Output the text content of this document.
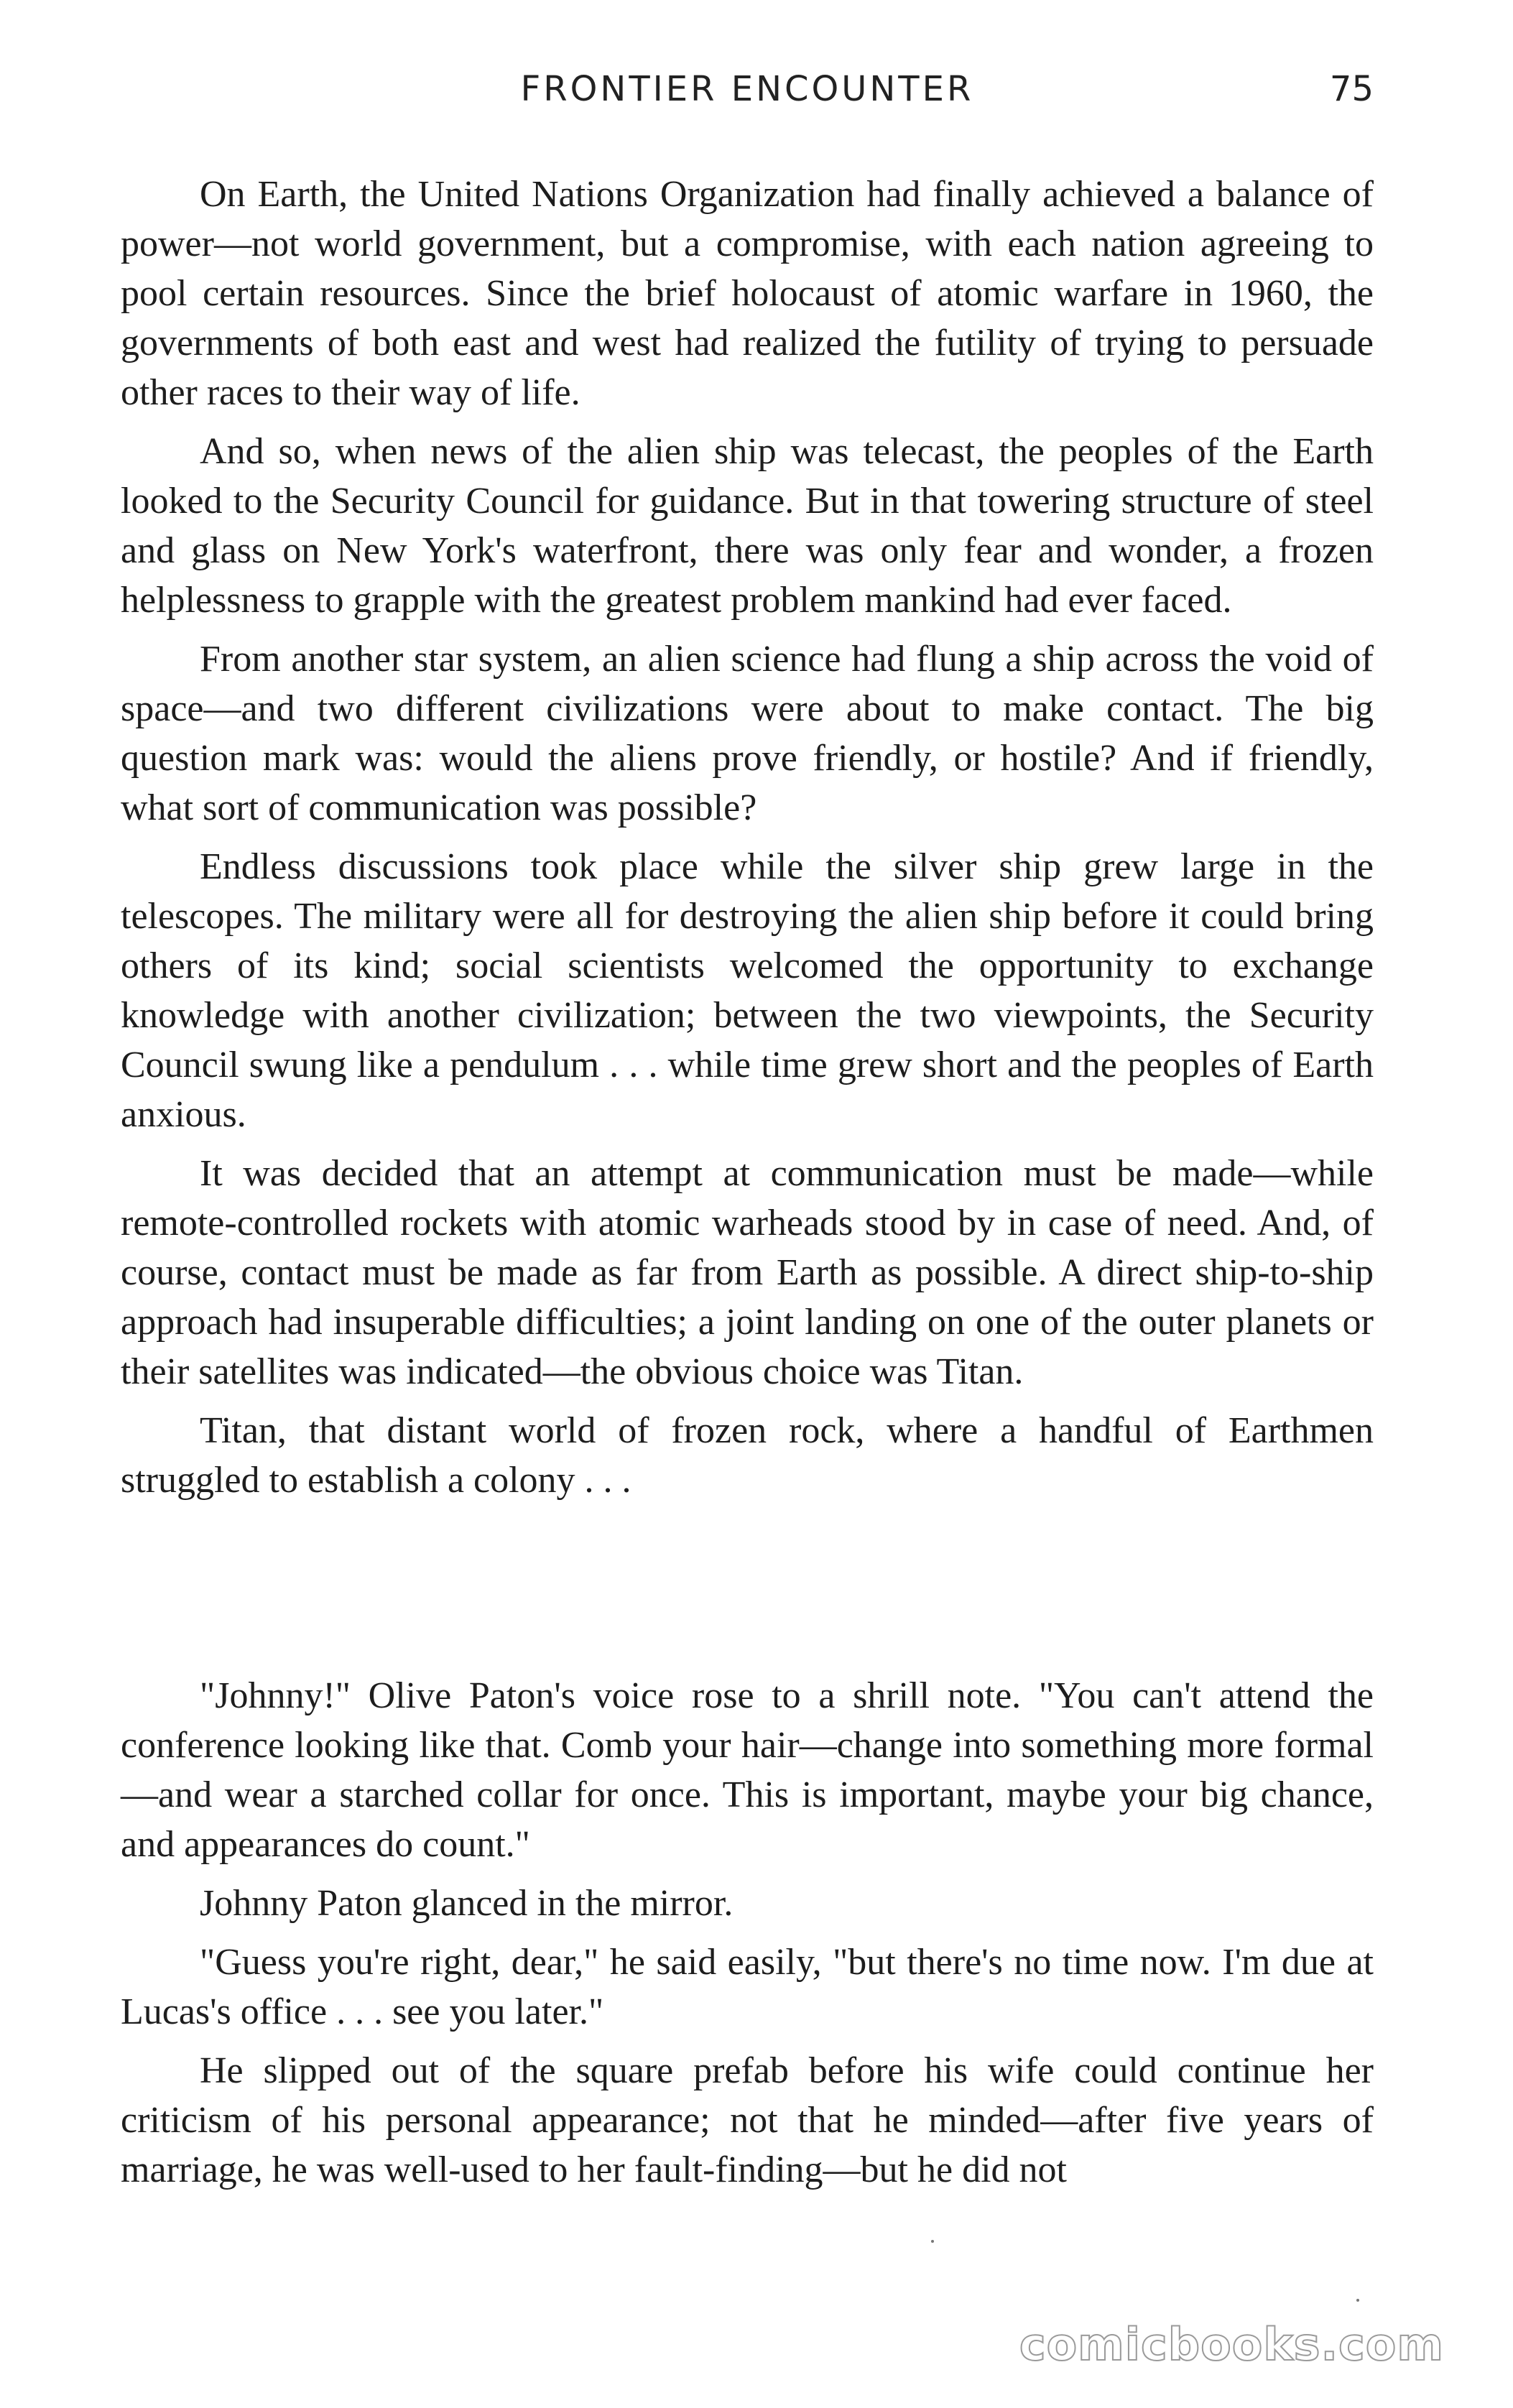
FRONTIER ENCOUNTER	75

On Earth, the United Nations Organization had finally achieved a balance of power—not world government, but a compromise, with each nation agreeing to pool certain resources. Since the brief holocaust of atomic warfare in 1960, the governments of both east and west had realized the futility of trying to persuade other races to their way of life.

And so, when news of the alien ship was telecast, the peoples of the Earth looked to the Security Council for guidance. But in that towering structure of steel and glass on New York's waterfront, there was only fear and wonder, a frozen helplessness to grapple with the greatest problem mankind had ever faced.

From another star system, an alien science had flung a ship across the void of space—and two different civilizations were about to make contact. The big question mark was: would the aliens prove friendly, or hostile? And if friendly, what sort of communication was possible?

Endless discussions took place while the silver ship grew large in the telescopes. The military were all for destroying the alien ship before it could bring others of its kind; social scientists welcomed the opportunity to exchange knowledge with another civilization; between the two viewpoints, the Security Council swung like a pendulum . . . while time grew short and the peoples of Earth anxious.

It was decided that an attempt at communication must be made—while remote-controlled rockets with atomic warheads stood by in case of need. And, of course, contact must be made as far from Earth as possible. A direct ship-to-ship approach had insuperable difficulties; a joint landing on one of the outer planets or their satellites was indicated—the obvious choice was Titan.

Titan, that distant world of frozen rock, where a handful of Earthmen struggled to establish a colony . . .

"Johnny!" Olive Paton's voice rose to a shrill note. "You can't attend the conference looking like that. Comb your hair—change into something more formal—and wear a starched collar for once. This is important, maybe your big chance, and appearances do count."

Johnny Paton glanced in the mirror.

"Guess you're right, dear," he said easily, "but there's no time now. I'm due at Lucas's office . . . see you later."

He slipped out of the square prefab before his wife could continue her criticism of his personal appearance; not that he minded—after five years of marriage, he was well-used to her fault-finding—but he did not

comicbooks.com
